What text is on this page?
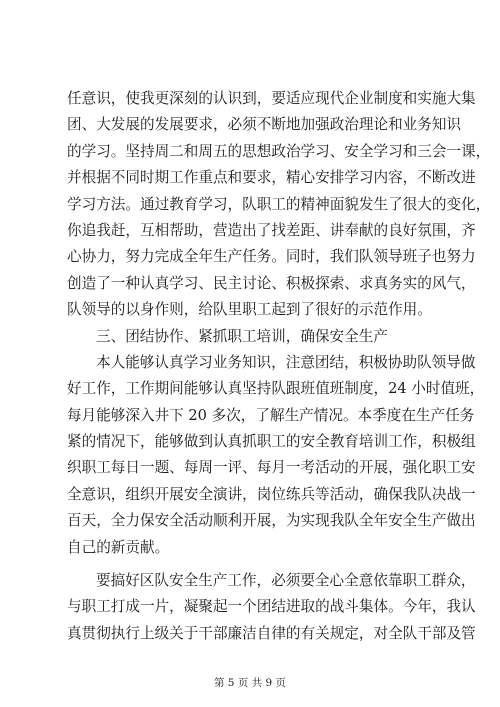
任意识，使我更深刻的认识到，要适应现代企业制度和实施大集
团、大发展的发展要求，必须不断地加强政治理论和业务知识
的学习。坚持周二和周五的思想政治学习、安全学习和三会一课，
并根据不同时期工作重点和要求，精心安排学习内容，不断改进
学习方法。通过教育学习，队职工的精神面貌发生了很大的变化，
你追我赶，互相帮助，营造出了找差距、讲奉献的良好氛围，齐
心协力，努力完成全年生产任务。同时，我们队领导班子也努力
创造了一种认真学习、民主讨论、积极探索、求真务实的风气，
队领导的以身作则，给队里职工起到了很好的示范作用。
三、团结协作、紧抓职工培训，确保安全生产
本人能够认真学习业务知识，注意团结，积极协助队领导做
好工作，工作期间能够认真坚持队跟班值班制度，24 小时值班，
每月能够深入井下 20 多次，了解生产情况。本季度在生产任务
紧的情况下，能够做到认真抓职工的安全教育培训工作，积极组
织职工每日一题、每周一评、每月一考活动的开展，强化职工安
全意识，组织开展安全演讲，岗位练兵等活动，确保我队决战一
百天，全力保安全活动顺利开展，为实现我队全年安全生产做出
自己的新贡献。
要搞好区队安全生产工作，必须要全心全意依靠职工群众，
与职工打成一片，凝聚起一个团结进取的战斗集体。今年，我认
真贯彻执行上级关于干部廉洁自律的有关规定，对全队干部及管
第 5 页 共 9 页
